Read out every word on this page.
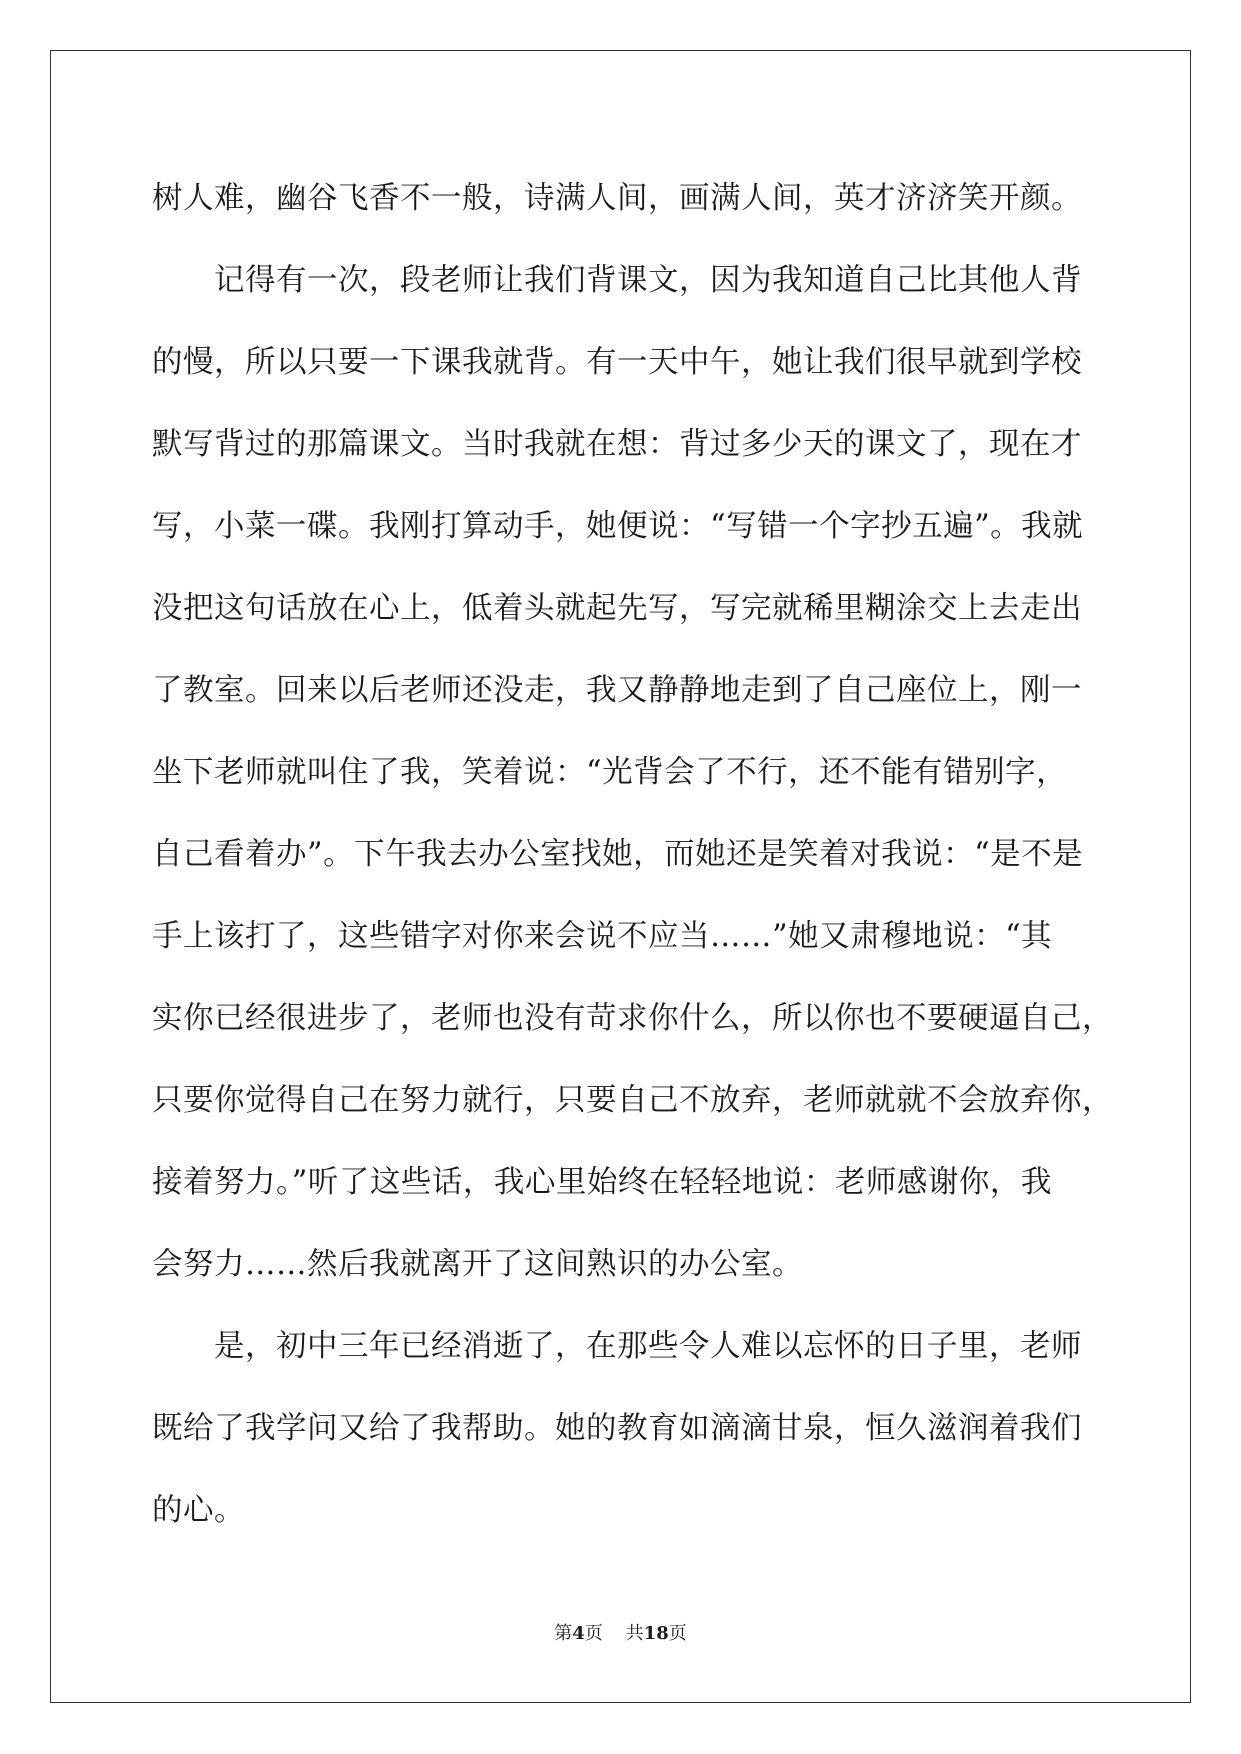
树人难，幽谷飞香不一般，诗满人间，画满人间，英才济济笑开颜。
　　记得有一次，段老师让我们背课文，因为我知道自己比其他人背
的慢，所以只要一下课我就背。有一天中午，她让我们很早就到学校
默写背过的那篇课文。当时我就在想：背过多少天的课文了，现在才
写，小菜一碟。我刚打算动手，她便说：“写错一个字抄五遍”。我就
没把这句话放在心上，低着头就起先写，写完就稀里糊涂交上去走出
了教室。回来以后老师还没走，我又静静地走到了自己座位上，刚一
坐下老师就叫住了我，笑着说：“光背会了不行，还不能有错别字，
自己看着办”。下午我去办公室找她，而她还是笑着对我说：“是不是
手上该打了，这些错字对你来会说不应当……”她又肃穆地说：“其
实你已经很进步了，老师也没有苛求你什么，所以你也不要硬逼自己，
只要你觉得自己在努力就行，只要自己不放弃，老师就就不会放弃你，
接着努力。”听了这些话，我心里始终在轻轻地说：老师感谢你，我
会努力……然后我就离开了这间熟识的办公室。
　　是，初中三年已经消逝了，在那些令人难以忘怀的日子里，老师
既给了我学问又给了我帮助。她的教育如滴滴甘泉，恒久滋润着我们
的心。
第4页 共18页
